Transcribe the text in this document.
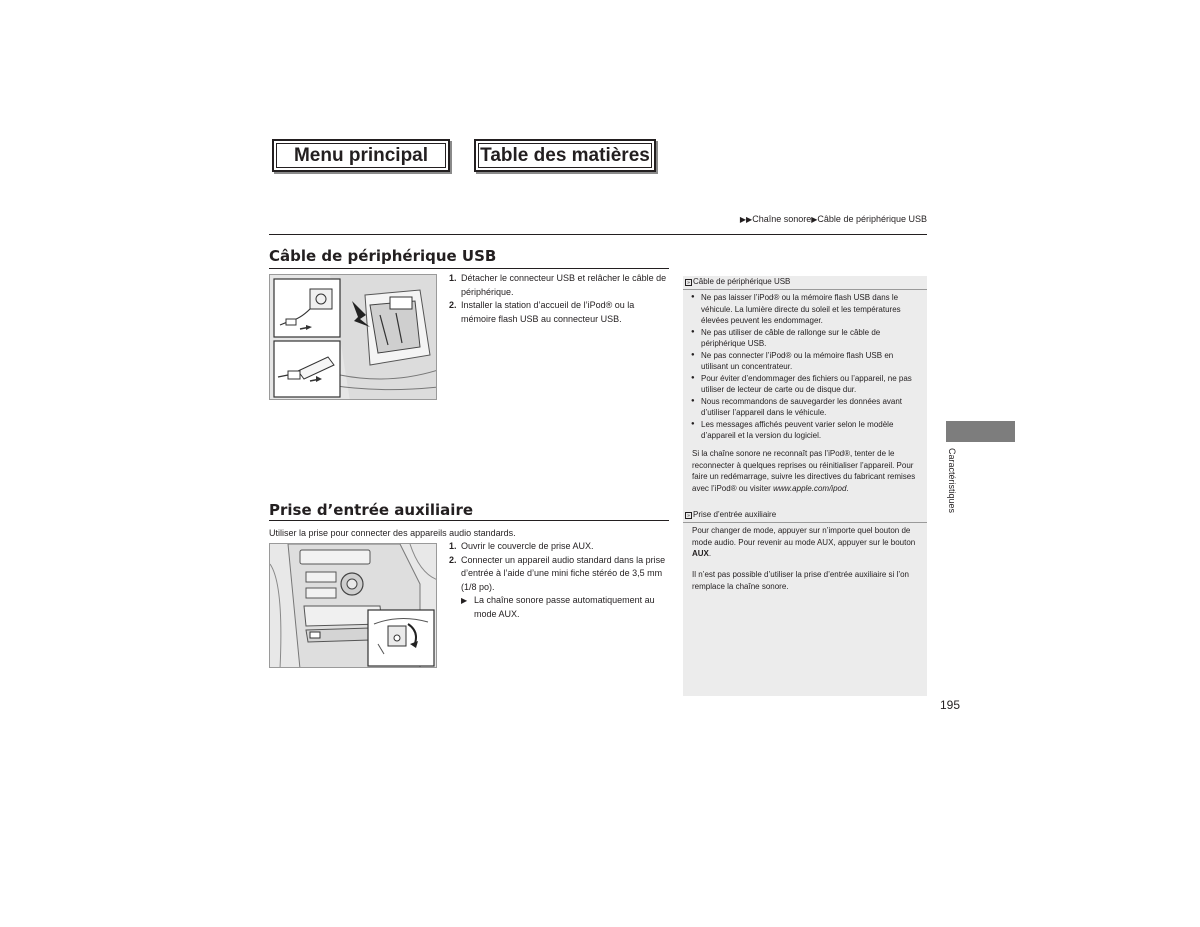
Menu principal	Table des matières
▶▶Chaîne sonore▶Câble de périphérique USB
Câble de périphérique USB
1. Détacher le connecteur USB et relâcher le câble de périphérique.
2. Installer la station d’accueil de l’iPod® ou la mémoire flash USB au connecteur USB.
Prise d’entrée auxiliaire
Utiliser la prise pour connecter des appareils audio standards.
1. Ouvrir le couvercle de prise AUX.
2. Connecter un appareil audio standard dans la prise d’entrée à l’aide d’une mini fiche stéréo de 3,5 mm (1/8 po).
▶ La chaîne sonore passe automatiquement au mode AUX.
» Câble de périphérique USB
● Ne pas laisser l’iPod® ou la mémoire flash USB dans le véhicule. La lumière directe du soleil et les températures élevées peuvent les endommager.
● Ne pas utiliser de câble de rallonge sur le câble de périphérique USB.
● Ne pas connecter l’iPod® ou la mémoire flash USB en utilisant un concentrateur.
● Pour éviter d’endommager des fichiers ou l’appareil, ne pas utiliser de lecteur de carte ou de disque dur.
● Nous recommandons de sauvegarder les données avant d’utiliser l’appareil dans le véhicule.
● Les messages affichés peuvent varier selon le modèle d’appareil et la version du logiciel.
Si la chaîne sonore ne reconnaît pas l’iPod®, tenter de le reconnecter à quelques reprises ou réinitialiser l’appareil. Pour faire un redémarrage, suivre les directives du fabricant remises avec l’iPod® ou visiter www.apple.com/ipod.
» Prise d’entrée auxiliaire
Pour changer de mode, appuyer sur n’importe quel bouton de mode audio. Pour revenir au mode AUX, appuyer sur le bouton AUX.
Il n’est pas possible d’utiliser la prise d’entrée auxiliaire si l’on remplace la chaîne sonore.
Caractéristiques
195
